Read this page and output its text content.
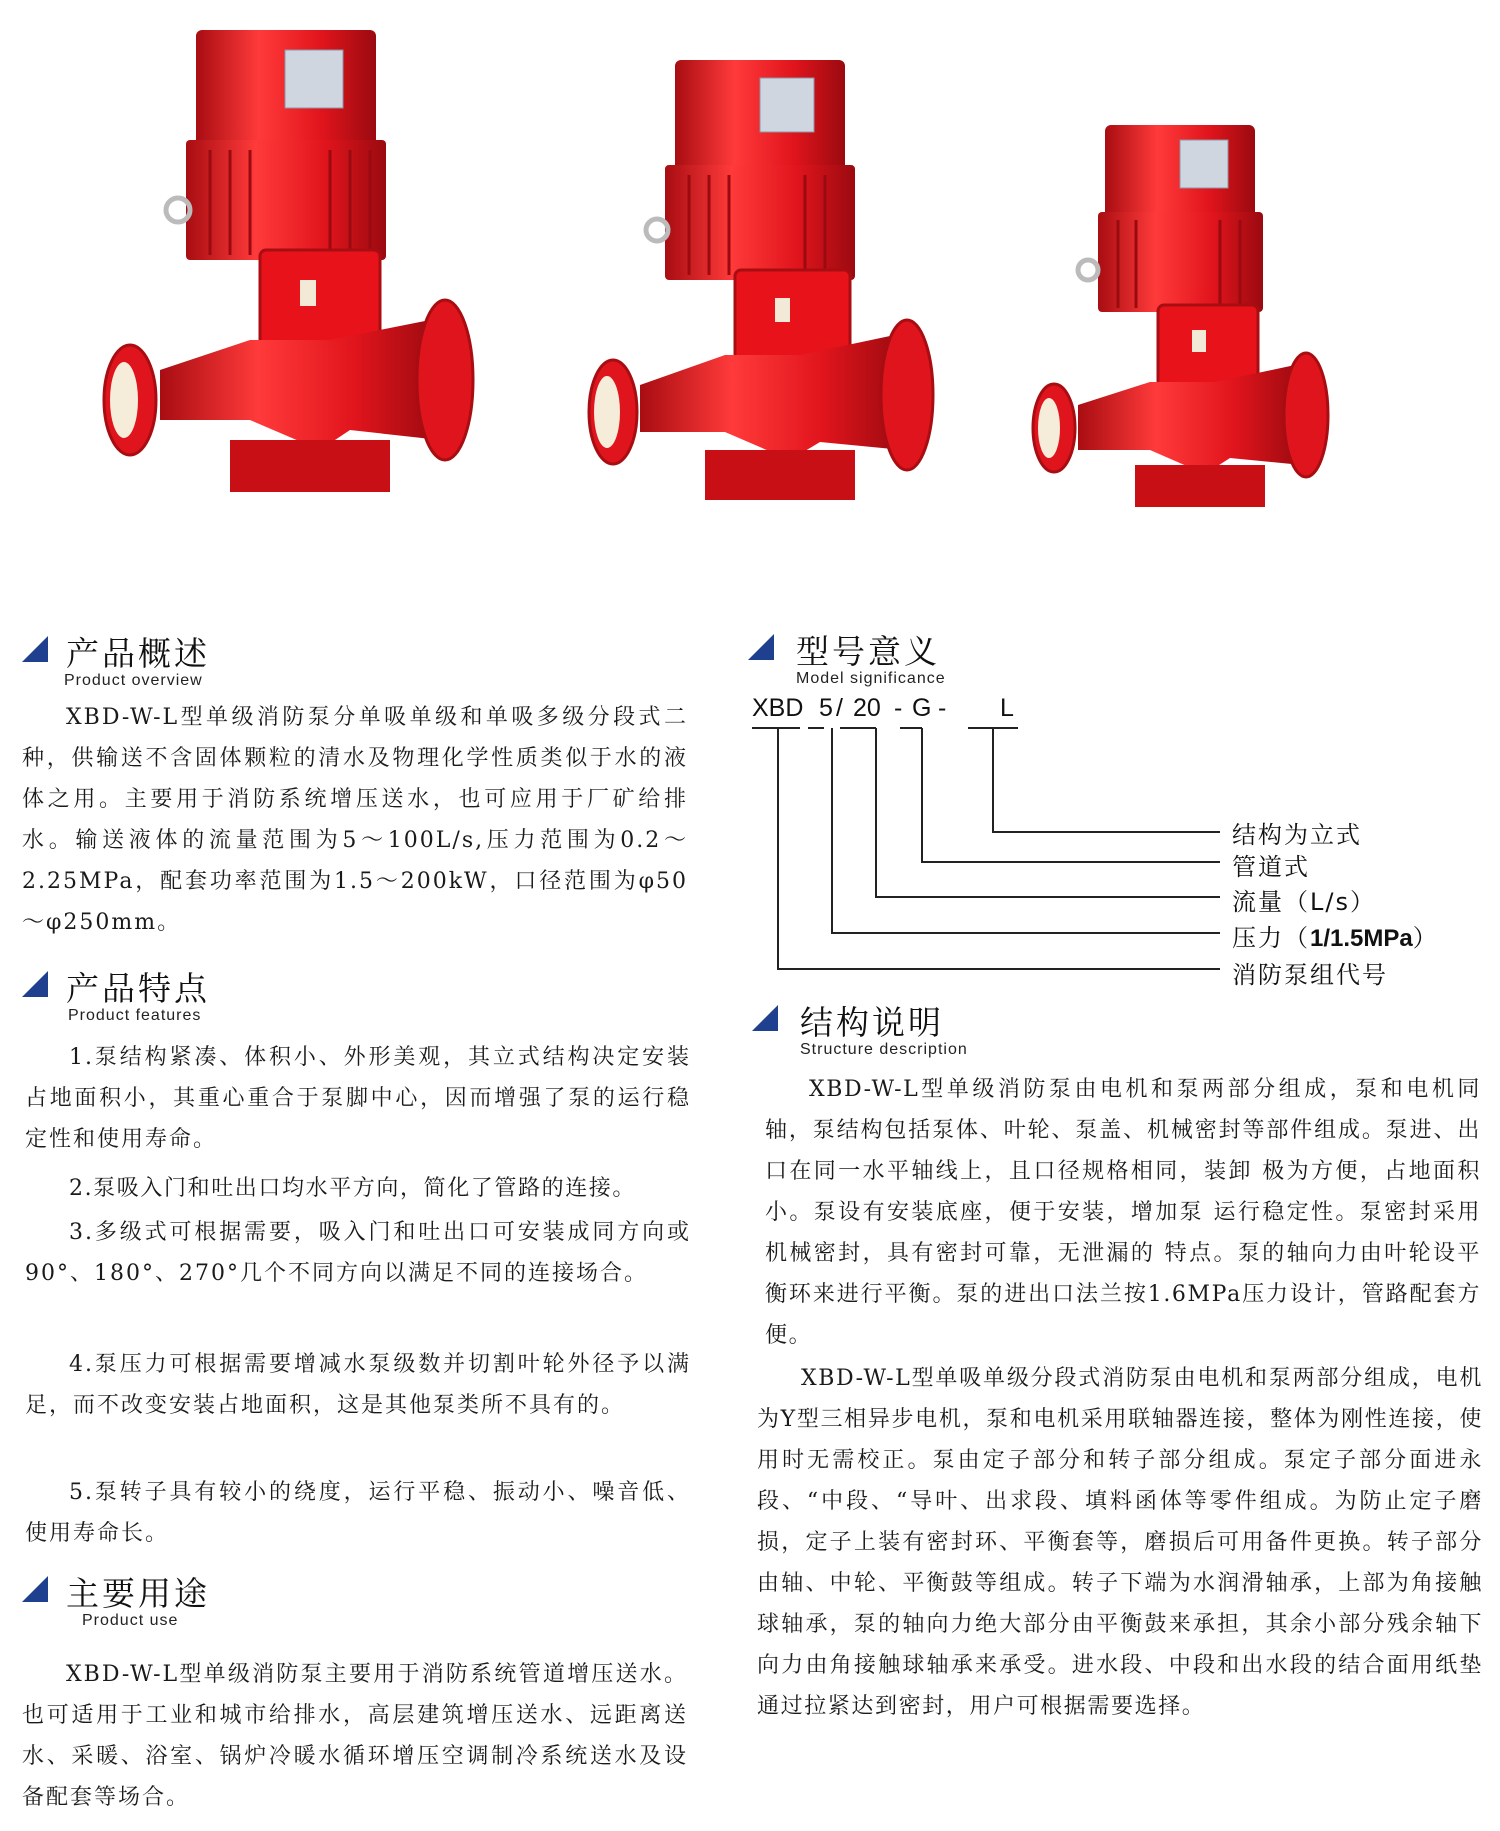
产品概述
Product overview

XBD-W-L型单级消防泵分单吸单级和单吸多级分段式二种，供输送不含固体颗粒的清水及物理化学性质类似于水的液体之用。主要用于消防系统增压送水，也可应用于厂矿给排水。输送液体的流量范围为5～100L/s,压力范围为0.2～2.25MPa，配套功率范围为1.5～200kW，口径范围为φ50～φ250mm。

产品特点
Product features

1.泵结构紧凑、体积小、外形美观，其立式结构决定安装占地面积小，其重心重合于泵脚中心，因而增强了泵的运行稳定性和使用寿命。

2.泵吸入门和吐出口均水平方向，简化了管路的连接。

3.多级式可根据需要，吸入门和吐出口可安装成同方向或90°、180°、270°几个不同方向以满足不同的连接场合。

4.泵压力可根据需要增减水泵级数并切割叶轮外径予以满足，而不改变安装占地面积，这是其他泵类所不具有的。

5.泵转子具有较小的绕度，运行平稳、振动小、噪音低、使用寿命长。

主要用途
Product use

XBD-W-L型单级消防泵主要用于消防系统管道增压送水。也可适用于工业和城市给排水，高层建筑增压送水、远距离送水、采暖、浴室、锅炉冷暖水循环增压空调制冷系统送水及设备配套等场合。

型号意义
Model significance
XBD 5 / 20 - G - L
结构为立式
管道式
流量（L/s）
压力（1/1.5MPa）
消防泵组代号
结构说明
Structure description

XBD-W-L型单级消防泵由电机和泵两部分组成，泵和电机同轴，泵结构包括泵体、叶轮、泵盖、机械密封等部件组成。泵进、出口在同一水平轴线上，且口径规格相同，装卸 极为方便，占地面积小。泵设有安装底座，便于安装，增加泵 运行稳定性。泵密封采用机械密封，具有密封可靠，无泄漏的 特点。泵的轴向力由叶轮设平衡环来进行平衡。泵的进出口法兰按1.6MPa压力设计，管路配套方便。

XBD-W-L型单吸单级分段式消防泵由电机和泵两部分组成，电机为Y型三相异步电机，泵和电机采用联轴器连接，整体为刚性连接，使用时无需校正。泵由定子部分和转子部分组成。泵定子部分面进永段、“中段、“导叶、出求段、填料函体等零件组成。为防止定子磨损，定子上装有密封环、平衡套等，磨损后可用备件更换。转子部分由轴、中轮、平衡鼓等组成。转子下端为水润滑轴承，上部为角接触球轴承，泵的轴向力绝大部分由平衡鼓来承担，其余小部分残余轴下向力由角接触球轴承来承受。进水段、中段和出水段的结合面用纸垫通过拉紧达到密封，用户可根据需要选择。
